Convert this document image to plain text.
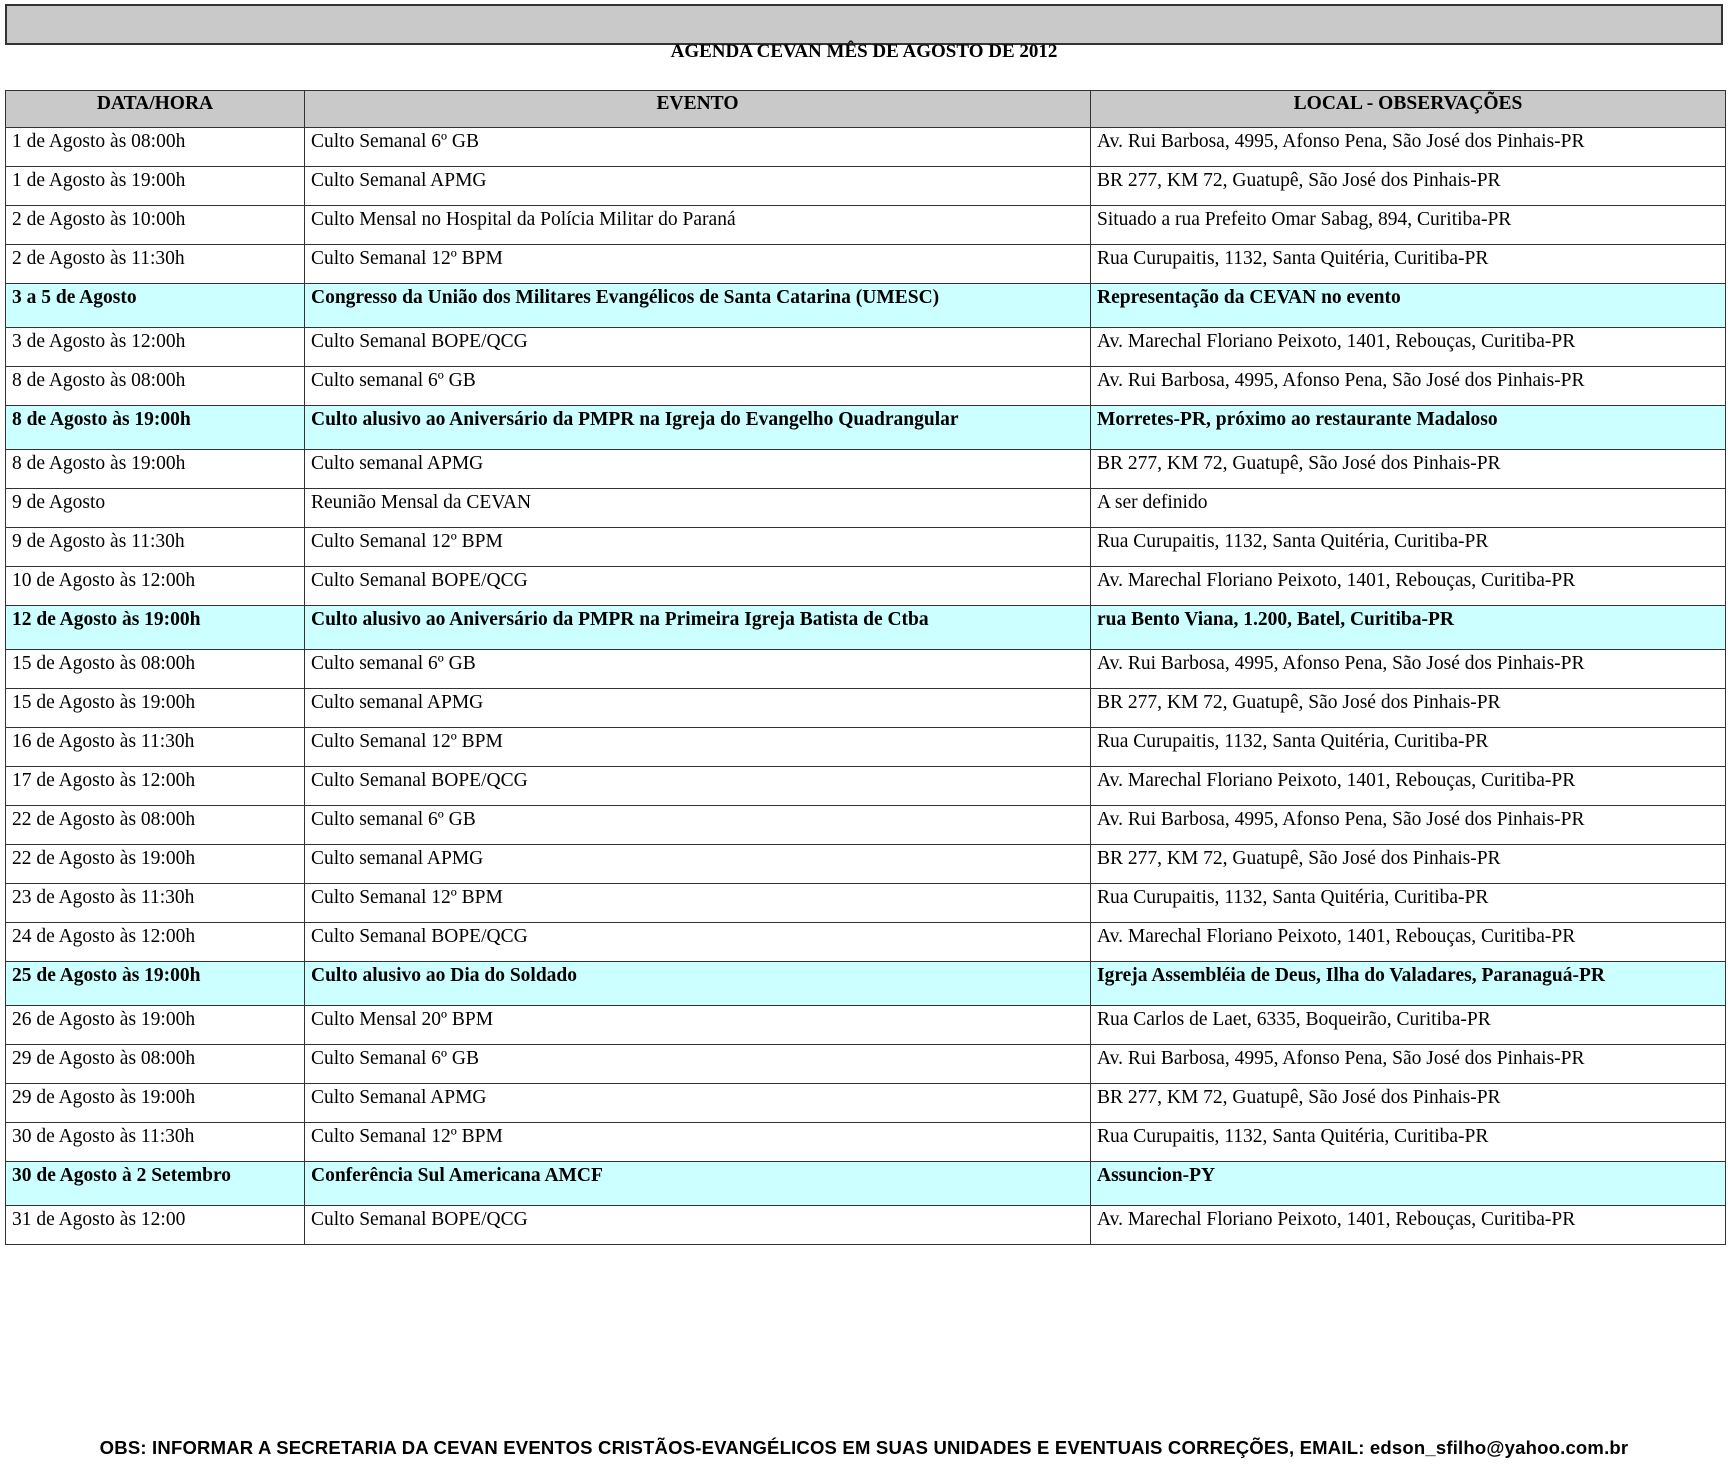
AGENDA CEVAN MÊS DE AGOSTO DE 2012
DATA/HORA	EVENTO	LOCAL - OBSERVAÇÕES
1 de Agosto às 08:00h	Culto Semanal 6º GB	Av. Rui Barbosa, 4995, Afonso Pena, São José dos Pinhais-PR
1 de Agosto às 19:00h	Culto Semanal APMG	BR 277, KM 72, Guatupê, São José dos Pinhais-PR
2 de Agosto às 10:00h	Culto Mensal no Hospital da Polícia Militar do Paraná	Situado a rua Prefeito Omar Sabag, 894, Curitiba-PR
2 de Agosto às 11:30h	Culto Semanal 12º BPM	Rua Curupaitis, 1132, Santa Quitéria, Curitiba-PR
3 a 5 de Agosto	Congresso da União dos Militares Evangélicos de Santa Catarina (UMESC)	Representação da CEVAN no evento
3 de Agosto às 12:00h	Culto Semanal BOPE/QCG	Av. Marechal Floriano Peixoto, 1401, Rebouças, Curitiba-PR
8 de Agosto às 08:00h	Culto semanal 6º GB	Av. Rui Barbosa, 4995, Afonso Pena, São José dos Pinhais-PR
8 de Agosto às 19:00h	Culto alusivo ao Aniversário da PMPR na Igreja do Evangelho Quadrangular	Morretes-PR, próximo ao restaurante Madaloso
8 de Agosto às 19:00h	Culto semanal APMG	BR 277, KM 72, Guatupê, São José dos Pinhais-PR
9 de Agosto	Reunião Mensal da CEVAN	A ser definido
9 de Agosto às 11:30h	Culto Semanal 12º BPM	Rua Curupaitis, 1132, Santa Quitéria, Curitiba-PR
10 de Agosto às 12:00h	Culto Semanal BOPE/QCG	Av. Marechal Floriano Peixoto, 1401, Rebouças, Curitiba-PR
12 de Agosto às 19:00h	Culto alusivo ao Aniversário da PMPR na Primeira Igreja Batista de Ctba	rua Bento Viana, 1.200, Batel, Curitiba-PR
15 de Agosto às 08:00h	Culto semanal 6º GB	Av. Rui Barbosa, 4995, Afonso Pena, São José dos Pinhais-PR
15 de Agosto às 19:00h	Culto semanal APMG	BR 277, KM 72, Guatupê, São José dos Pinhais-PR
16 de Agosto às 11:30h	Culto Semanal 12º BPM	Rua Curupaitis, 1132, Santa Quitéria, Curitiba-PR
17 de Agosto às 12:00h	Culto Semanal BOPE/QCG	Av. Marechal Floriano Peixoto, 1401, Rebouças, Curitiba-PR
22 de Agosto às 08:00h	Culto semanal 6º GB	Av. Rui Barbosa, 4995, Afonso Pena, São José dos Pinhais-PR
22 de Agosto às 19:00h	Culto semanal APMG	BR 277, KM 72, Guatupê, São José dos Pinhais-PR
23 de Agosto às 11:30h	Culto Semanal 12º BPM	Rua Curupaitis, 1132, Santa Quitéria, Curitiba-PR
24 de Agosto às 12:00h	Culto Semanal BOPE/QCG	Av. Marechal Floriano Peixoto, 1401, Rebouças, Curitiba-PR
25 de Agosto às 19:00h	Culto alusivo ao Dia do Soldado	Igreja Assembléia de Deus, Ilha do Valadares, Paranaguá-PR
26 de Agosto às 19:00h	Culto Mensal 20º BPM	Rua Carlos de Laet, 6335, Boqueirão, Curitiba-PR
29 de Agosto às 08:00h	Culto Semanal 6º GB	Av. Rui Barbosa, 4995, Afonso Pena, São José dos Pinhais-PR
29 de Agosto às 19:00h	Culto Semanal APMG	BR 277, KM 72, Guatupê, São José dos Pinhais-PR
30 de Agosto às 11:30h	Culto Semanal 12º BPM	Rua Curupaitis, 1132, Santa Quitéria, Curitiba-PR
30 de Agosto à 2 Setembro	Conferência Sul Americana AMCF	Assuncion-PY
31 de Agosto às 12:00	Culto Semanal BOPE/QCG	Av. Marechal Floriano Peixoto, 1401, Rebouças, Curitiba-PR
OBS: INFORMAR A SECRETARIA DA CEVAN EVENTOS CRISTÃOS-EVANGÉLICOS EM SUAS UNIDADES E EVENTUAIS CORREÇÕES, EMAIL: edson_sfilho@yahoo.com.br
